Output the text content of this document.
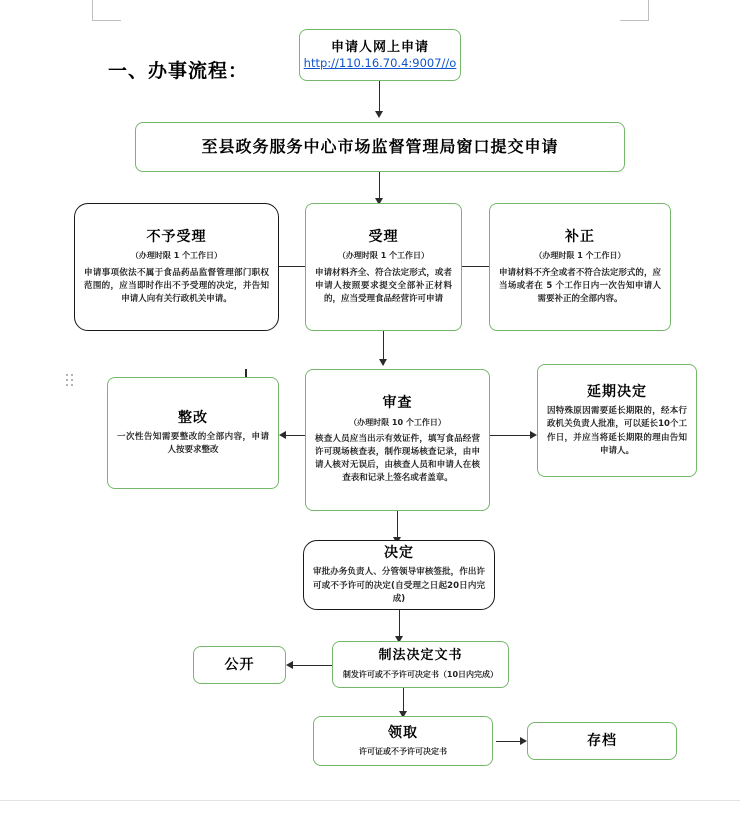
一、办事流程：
申请人网上申请
http://110.16.70.4:9007//o
至县政务服务中心市场监督管理局窗口提交申请
不予受理
（办理时限 1 个工作日）
申请事项依法不属于食品药品监督管理部门职权范围的，应当即时作出不予受理的决定，并告知申请人向有关行政机关申请。
受理
（办理时限 1 个工作日）
申请材料齐全、符合法定形式，或者申请人按照要求提交全部补正材料的，应当受理食品经营许可申请
补正
（办理时限 1 个工作日）
申请材料不齐全或者不符合法定形式的，应当场或者在 5 个工作日内一次告知申请人需要补正的全部内容。
整改
一次性告知需要整改的全部内容，申请人按要求整改
审查
（办理时限 10 个工作日）
核查人员应当出示有效证件，填写食品经营许可现场核查表，制作现场核查记录，由申请人核对无误后，由核查人员和申请人在核查表和记录上签名或者盖章。
延期决定
因特殊原因需要延长期限的，经本行政机关负责人批准，可以延长10个工作日，并应当将延长期限的理由告知申请人。
决定
审批办务负责人、分管领导审核签批，作出许可或不予许可的决定(自受理之日起20日内完成)
制法决定文书
制发许可或不予许可决定书（10日内完成）
公开
领取
许可证或不予许可决定书
存档
